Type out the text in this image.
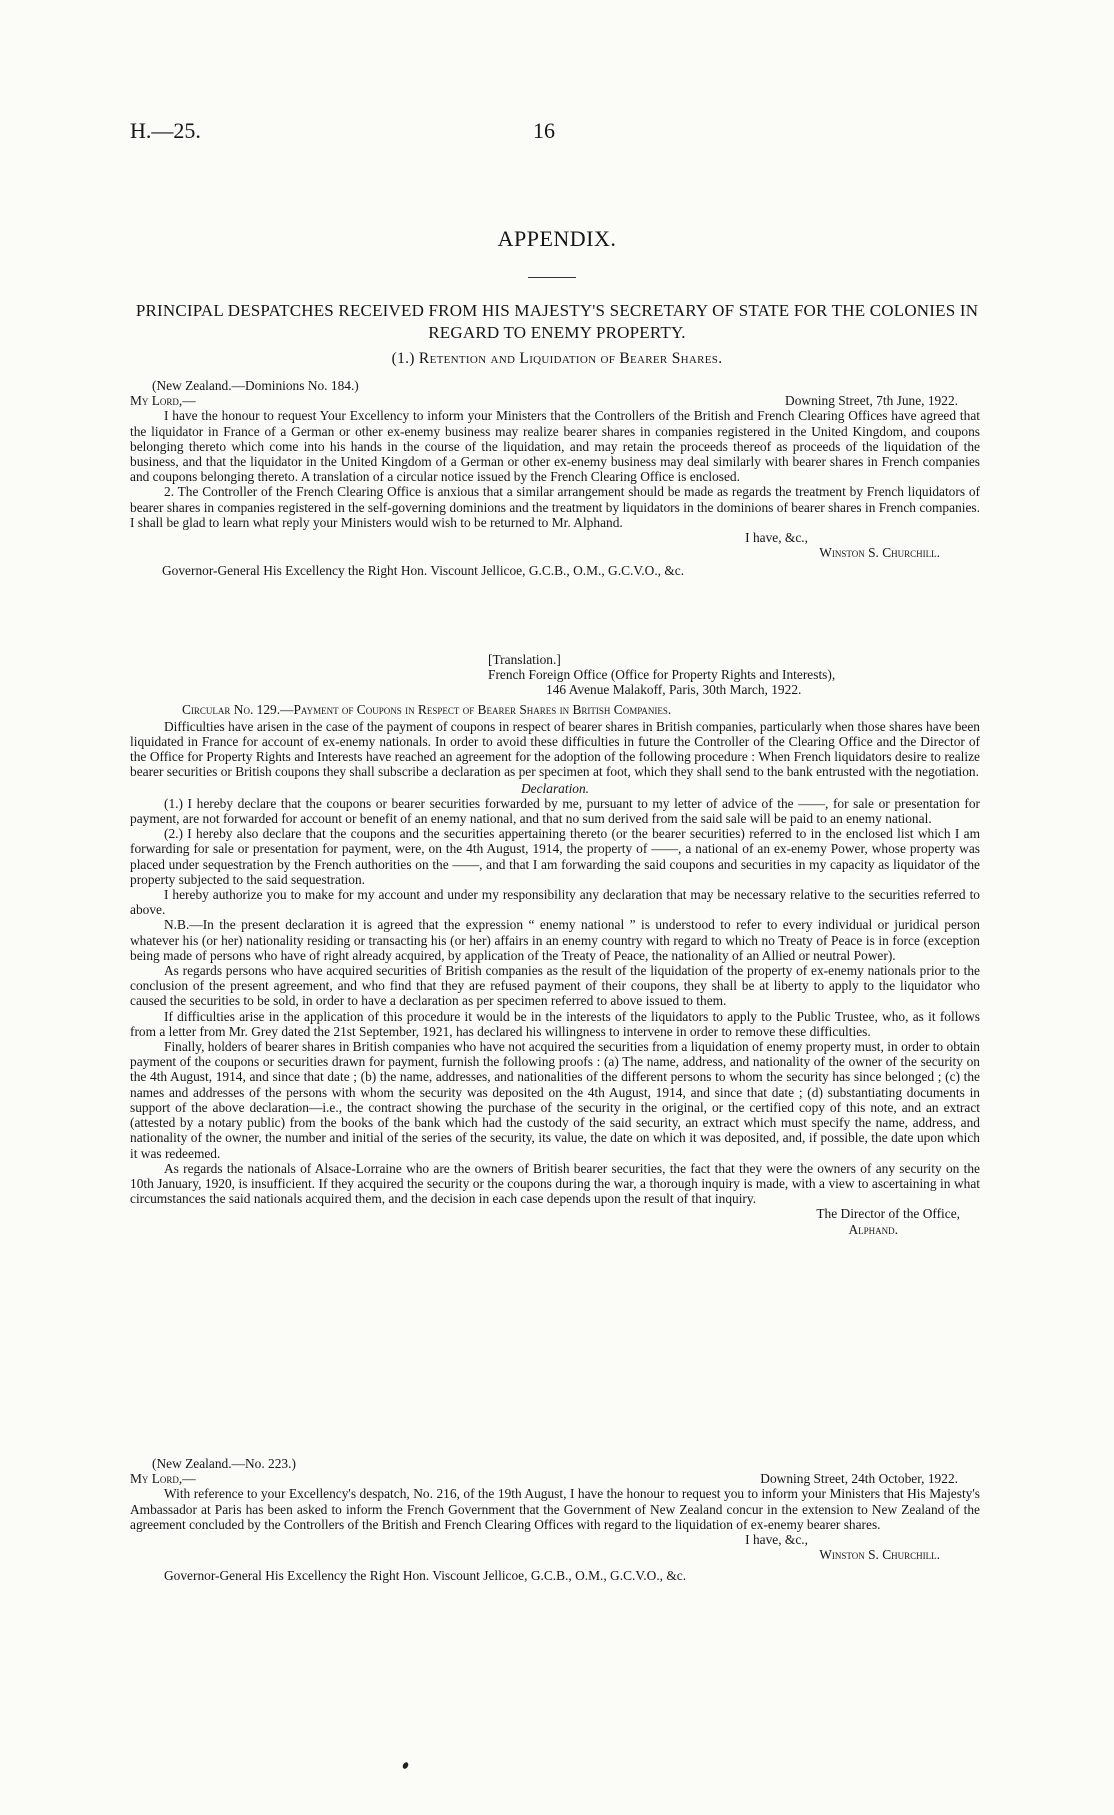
H.—25.	16
APPENDIX.
PRINCIPAL DESPATCHES RECEIVED FROM HIS MAJESTY'S SECRETARY OF STATE FOR THE COLONIES IN REGARD TO ENEMY PROPERTY.
(1.) Retention and Liquidation of Bearer Shares.
(New Zealand.—Dominions No. 184.)
My Lord,—	Downing Street, 7th June, 1922.

I have the honour to request Your Excellency to inform your Ministers that the Controllers of the British and French Clearing Offices have agreed that the liquidator in France of a German or other ex-enemy business may realize bearer shares in companies registered in the United Kingdom, and coupons belonging thereto which come into his hands in the course of the liquidation, and may retain the proceeds thereof as proceeds of the liquidation of the business, and that the liquidator in the United Kingdom of a German or other ex-enemy business may deal similarly with bearer shares in French companies and coupons belonging thereto. A translation of a circular notice issued by the French Clearing Office is enclosed.

2. The Controller of the French Clearing Office is anxious that a similar arrangement should be made as regards the treatment by French liquidators of bearer shares in companies registered in the self-governing dominions and the treatment by liquidators in the dominions of bearer shares in French companies. I shall be glad to learn what reply your Ministers would wish to be returned to Mr. Alphand.

I have, &c.,
Winston S. Churchill.
Governor-General His Excellency the Right Hon. Viscount Jellicoe, G.C.B., O.M., G.C.V.O., &c.
[Translation.]
French Foreign Office (Office for Property Rights and Interests),
146 Avenue Malakoff, Paris, 30th March, 1922.
Circular No. 129.—Payment of Coupons in Respect of Bearer Shares in British Companies.

Difficulties have arisen in the case of the payment of coupons in respect of bearer shares in British companies, particularly when those shares have been liquidated in France for account of ex-enemy nationals. In order to avoid these difficulties in future the Controller of the Clearing Office and the Director of the Office for Property Rights and Interests have reached an agreement for the adoption of the following procedure : When French liquidators desire to realize bearer securities or British coupons they shall subscribe a declaration as per specimen at foot, which they shall send to the bank entrusted with the negotiation.

Declaration.

(1.) I hereby declare that the coupons or bearer securities forwarded by me, pursuant to my letter of advice of the ——, for sale or presentation for payment, are not forwarded for account or benefit of an enemy national, and that no sum derived from the said sale will be paid to an enemy national.

(2.) I hereby also declare that the coupons and the securities appertaining thereto (or the bearer securities) referred to in the enclosed list which I am forwarding for sale or presentation for payment, were, on the 4th August, 1914, the property of ——, a national of an ex-enemy Power, whose property was placed under sequestration by the French authorities on the ——, and that I am forwarding the said coupons and securities in my capacity as liquidator of the property subjected to the said sequestration.

I hereby authorize you to make for my account and under my responsibility any declaration that may be necessary relative to the securities referred to above.

N.B.—In the present declaration it is agreed that the expression “ enemy national ” is understood to refer to every individual or juridical person whatever his (or her) nationality residing or transacting his (or her) affairs in an enemy country with regard to which no Treaty of Peace is in force (exception being made of persons who have of right already acquired, by application of the Treaty of Peace, the nationality of an Allied or neutral Power).

As regards persons who have acquired securities of British companies as the result of the liquidation of the property of ex-enemy nationals prior to the conclusion of the present agreement, and who find that they are refused payment of their coupons, they shall be at liberty to apply to the liquidator who caused the securities to be sold, in order to have a declaration as per specimen referred to above issued to them.

If difficulties arise in the application of this procedure it would be in the interests of the liquidators to apply to the Public Trustee, who, as it follows from a letter from Mr. Grey dated the 21st September, 1921, has declared his willingness to intervene in order to remove these difficulties.

Finally, holders of bearer shares in British companies who have not acquired the securities from a liquidation of enemy property must, in order to obtain payment of the coupons or securities drawn for payment, furnish the following proofs : (a) The name, address, and nationality of the owner of the security on the 4th August, 1914, and since that date ; (b) the name, addresses, and nationalities of the different persons to whom the security has since belonged ; (c) the names and addresses of the persons with whom the security was deposited on the 4th August, 1914, and since that date ; (d) substantiating documents in support of the above declaration—i.e., the contract showing the purchase of the security in the original, or the certified copy of this note, and an extract (attested by a notary public) from the books of the bank which had the custody of the said security, an extract which must specify the name, address, and nationality of the owner, the number and initial of the series of the security, its value, the date on which it was deposited, and, if possible, the date upon which it was redeemed.

As regards the nationals of Alsace-Lorraine who are the owners of British bearer securities, the fact that they were the owners of any security on the 10th January, 1920, is insufficient. If they acquired the security or the coupons during the war, a thorough inquiry is made, with a view to ascertaining in what circumstances the said nationals acquired them, and the decision in each case depends upon the result of that inquiry.

The Director of the Office,
Alphand.
(New Zealand.—No. 223.)
My Lord,—	Downing Street, 24th October, 1922.

With reference to your Excellency's despatch, No. 216, of the 19th August, I have the honour to request you to inform your Ministers that His Majesty's Ambassador at Paris has been asked to inform the French Government that the Government of New Zealand concur in the extension to New Zealand of the agreement concluded by the Controllers of the British and French Clearing Offices with regard to the liquidation of ex-enemy bearer shares.

I have, &c.,
Winston S. Churchill.
Governor-General His Excellency the Right Hon. Viscount Jellicoe, G.C.B., O.M., G.C.V.O., &c.
